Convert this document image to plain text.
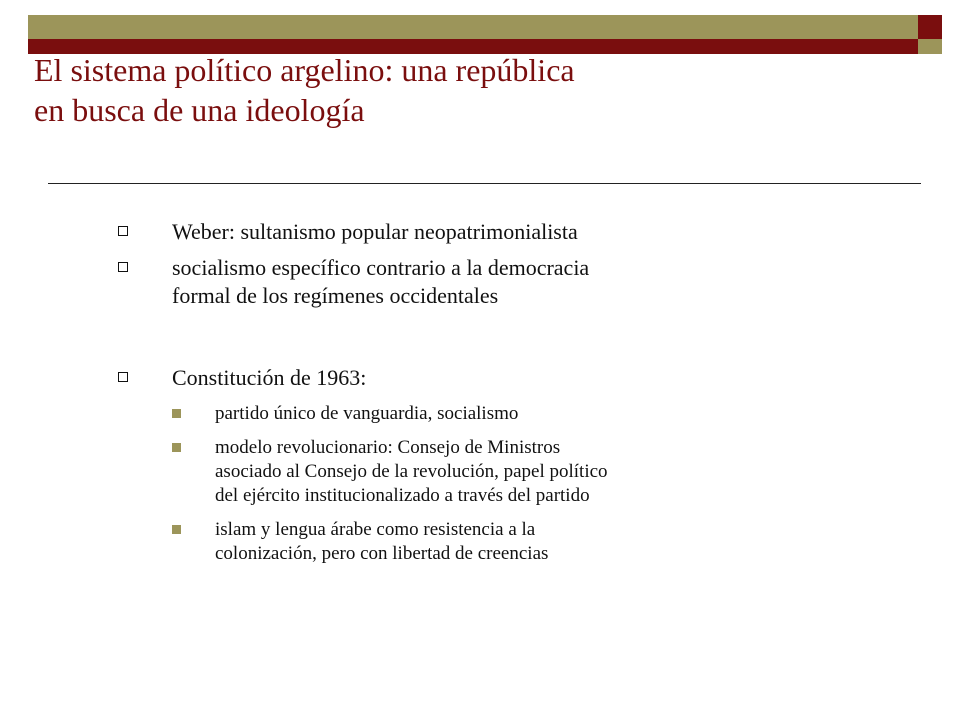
El sistema político argelino: una república
en busca de una ideología
Weber: sultanismo popular neopatrimonialista
socialismo específico contrario a la democracia
formal de los regímenes occidentales
Constitución de 1963:
partido único de vanguardia, socialismo
modelo revolucionario: Consejo de Ministros
asociado al Consejo de la revolución, papel político
del ejército institucionalizado a través del partido
islam y lengua árabe como resistencia a la
colonización, pero con libertad de creencias
